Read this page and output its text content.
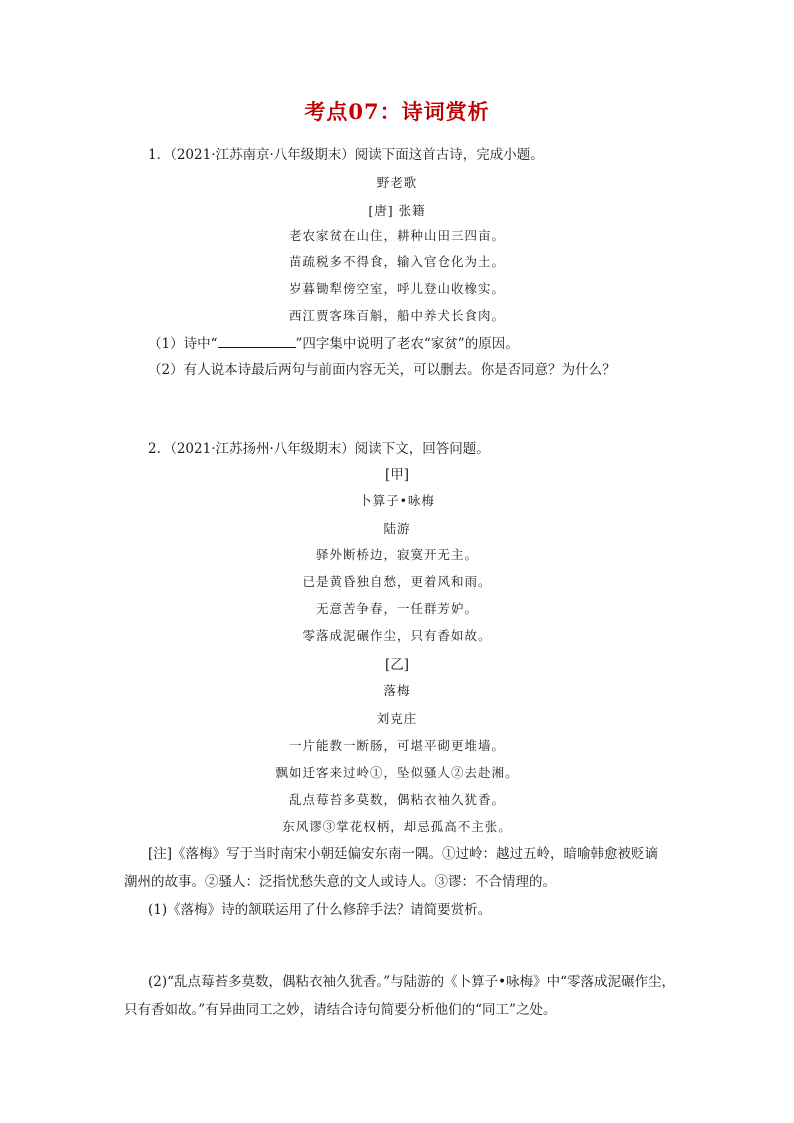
考点07：诗词赏析
1．（2021·江苏南京·八年级期末）阅读下面这首古诗，完成小题。
野老歌
[唐] 张籍
老农家贫在山住，耕种山田三四亩。
苗疏税多不得食，输入官仓化为土。
岁暮锄犁傍空室，呼儿登山收橡实。
西江贾客珠百斛，船中养犬长食肉。
（1）诗中“	”四字集中说明了老农“家贫”的原因。
（2）有人说本诗最后两句与前面内容无关，可以删去。你是否同意？为什么？
2．（2021·江苏扬州·八年级期末）阅读下文，回答问题。
[甲]
卜算子•咏梅
陆游
驿外断桥边，寂寞开无主。
已是黄昏独自愁，更着风和雨。
无意苦争春，一任群芳妒。
零落成泥碾作尘，只有香如故。
[乙]
落梅
刘克庄
一片能教一断肠，可堪平砌更堆墙。
飘如迁客来过岭①，坠似骚人②去赴湘。
乱点莓苔多莫数，偶粘衣袖久犹香。
东风谬③掌花权柄，却忌孤高不主张。
[注]《落梅》写于当时南宋小朝廷偏安东南一隅。①过岭：越过五岭，暗喻韩愈被贬谪
潮州的故事。②骚人：泛指忧愁失意的文人或诗人。③谬：不合情理的。
(1)《落梅》诗的颔联运用了什么修辞手法？请简要赏析。
(2)“乱点莓苔多莫数，偶粘衣袖久犹香。”与陆游的《卜算子•咏梅》中“零落成泥碾作尘，
只有香如故。”有异曲同工之妙，请结合诗句简要分析他们的“同工”之处。
